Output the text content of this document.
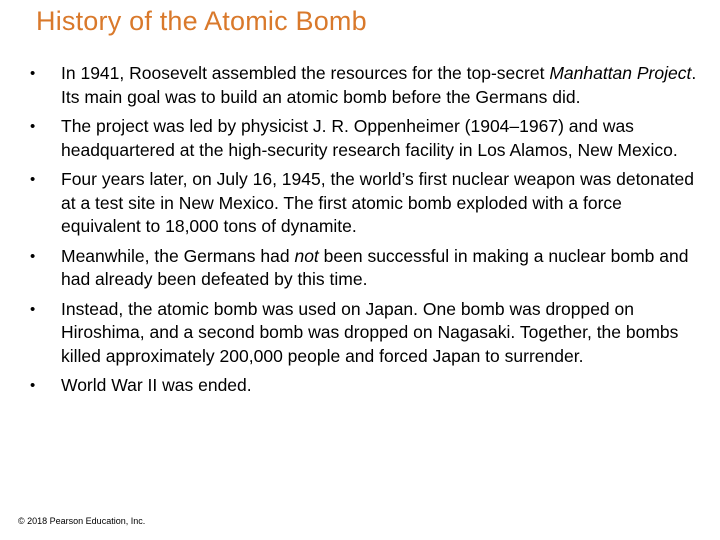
History of the Atomic Bomb
•	In 1941, Roosevelt assembled the resources for the top-secret Manhattan Project. Its main goal was to build an atomic bomb before the Germans did.
•	The project was led by physicist J. R. Oppenheimer (1904–1967) and was headquartered at the high-security research facility in Los Alamos, New Mexico.
•	Four years later, on July 16, 1945, the world’s first nuclear weapon was detonated at a test site in New Mexico. The first atomic bomb exploded with a force equivalent to 18,000 tons of dynamite.
•	Meanwhile, the Germans had not been successful in making a nuclear bomb and had already been defeated by this time.
•	Instead, the atomic bomb was used on Japan. One bomb was dropped on Hiroshima, and a second bomb was dropped on Nagasaki. Together, the bombs killed approximately 200,000 people and forced Japan to surrender.
•	World War II was ended.
© 2018 Pearson Education, Inc.
